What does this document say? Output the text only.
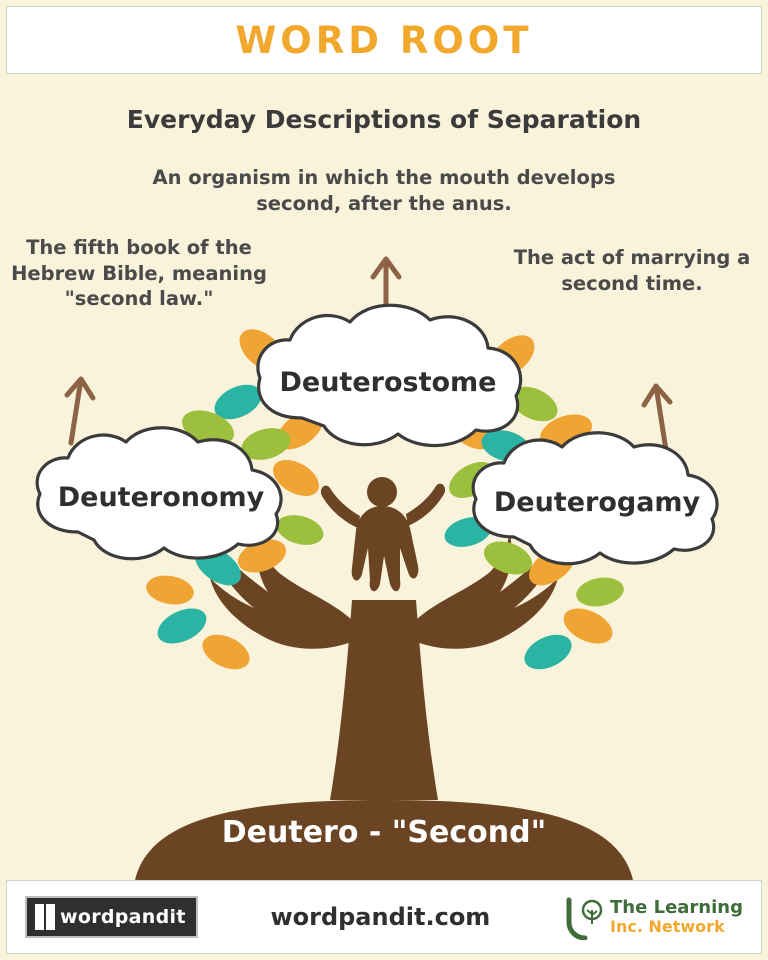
WORD ROOT
Everyday Descriptions of Separation
An organism in which the mouth develops second, after the anus.
The fifth book of the Hebrew Bible, meaning "second law."
The act of marrying a second time.
Deuterostome
Deuteronomy	Deuterogamy
Deutero - "Second"
wordpandit	wordpandit.com	The Learning
Inc. Network
